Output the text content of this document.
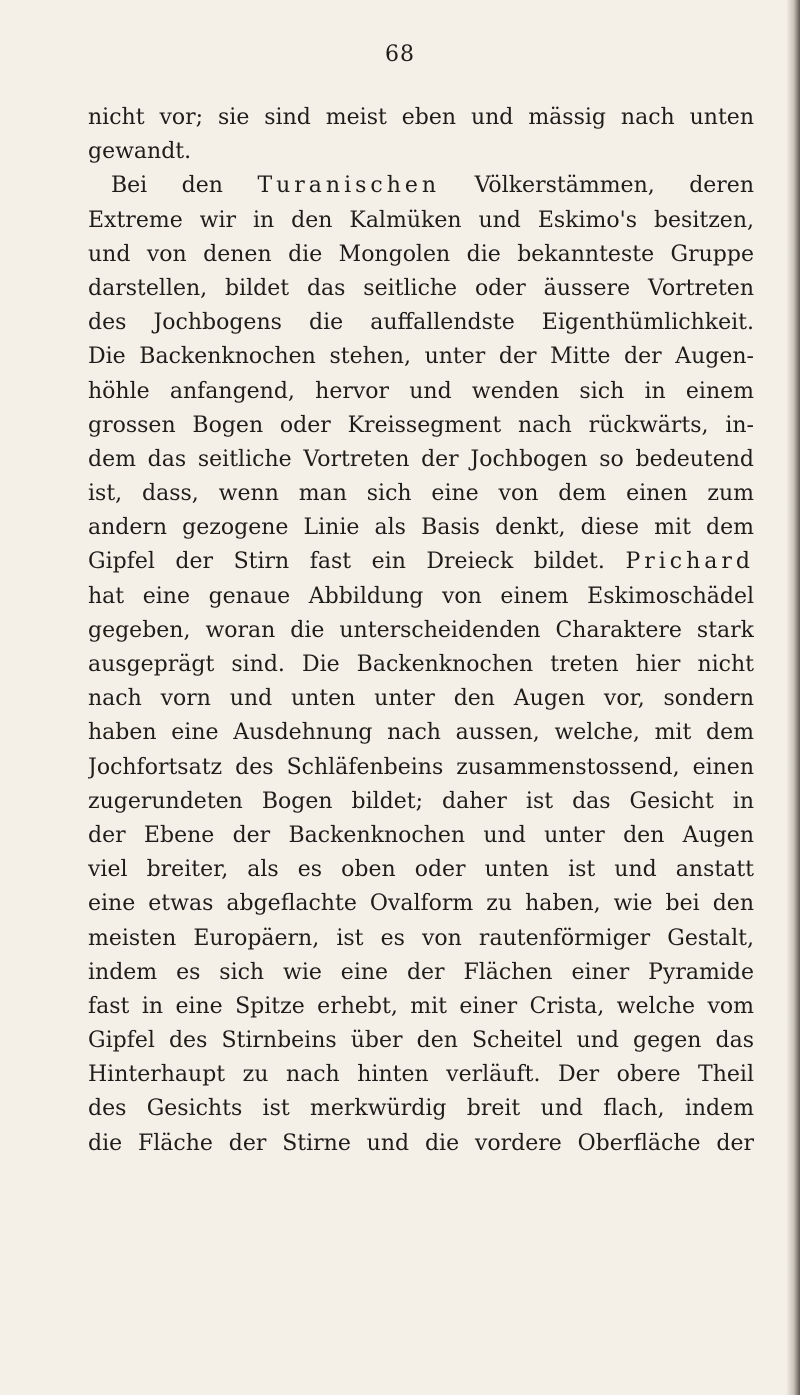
68
nicht vor; sie sind meist eben und mässig nach unten
gewandt.
Bei den Turanischen Völkerstämmen, deren
Extreme wir in den Kalmüken und Eskimo's besitzen,
und von denen die Mongolen die bekannteste Gruppe
darstellen, bildet das seitliche oder äussere Vortreten
des Jochbogens die auffallendste Eigenthümlichkeit.
Die Backenknochen stehen, unter der Mitte der Augen-
höhle anfangend, hervor und wenden sich in einem
grossen Bogen oder Kreissegment nach rückwärts, in-
dem das seitliche Vortreten der Jochbogen so bedeutend
ist, dass, wenn man sich eine von dem einen zum
andern gezogene Linie als Basis denkt, diese mit dem
Gipfel der Stirn fast ein Dreieck bildet. Prichard
hat eine genaue Abbildung von einem Eskimoschädel
gegeben, woran die unterscheidenden Charaktere stark
ausgeprägt sind. Die Backenknochen treten hier nicht
nach vorn und unten unter den Augen vor, sondern
haben eine Ausdehnung nach aussen, welche, mit dem
Jochfortsatz des Schläfenbeins zusammenstossend, einen
zugerundeten Bogen bildet; daher ist das Gesicht in
der Ebene der Backenknochen und unter den Augen
viel breiter, als es oben oder unten ist und anstatt
eine etwas abgeflachte Ovalform zu haben, wie bei den
meisten Europäern, ist es von rautenförmiger Gestalt,
indem es sich wie eine der Flächen einer Pyramide
fast in eine Spitze erhebt, mit einer Crista, welche vom
Gipfel des Stirnbeins über den Scheitel und gegen das
Hinterhaupt zu nach hinten verläuft. Der obere Theil
des Gesichts ist merkwürdig breit und flach, indem
die Fläche der Stirne und die vordere Oberfläche der
